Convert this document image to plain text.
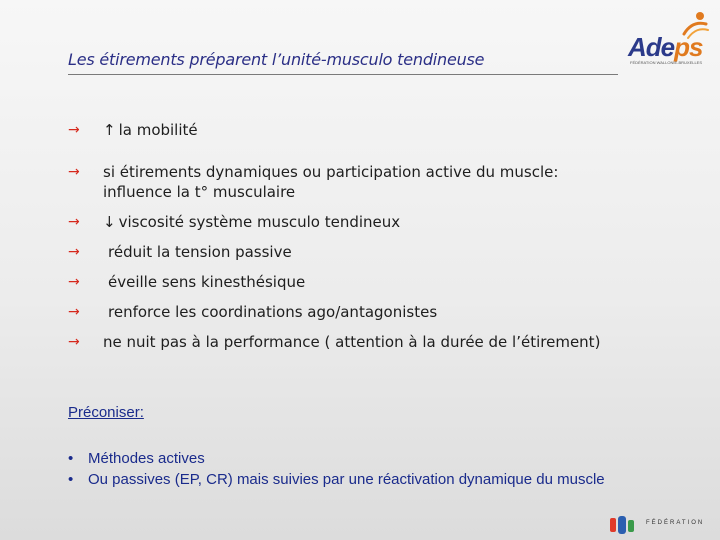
Les étirements préparent l’unité-musculo tendineuse	Adeps
FÉDÉRATION WALLONIE-BRUXELLES
→	↑ la mobilité
→	si étirements dynamiques ou participation active du muscle:
influence la t° musculaire
→	↓ viscosité système musculo tendineux
→	réduit la tension passive
→	éveille sens kinesthésique
→	renforce les coordinations ago/antagonistes
→	ne nuit pas à la performance ( attention à la durée de l’étirement)
Préconiser:
• Méthodes actives
• Ou passives (EP, CR) mais suivies par une réactivation dynamique du muscle
FÉDÉRATION
